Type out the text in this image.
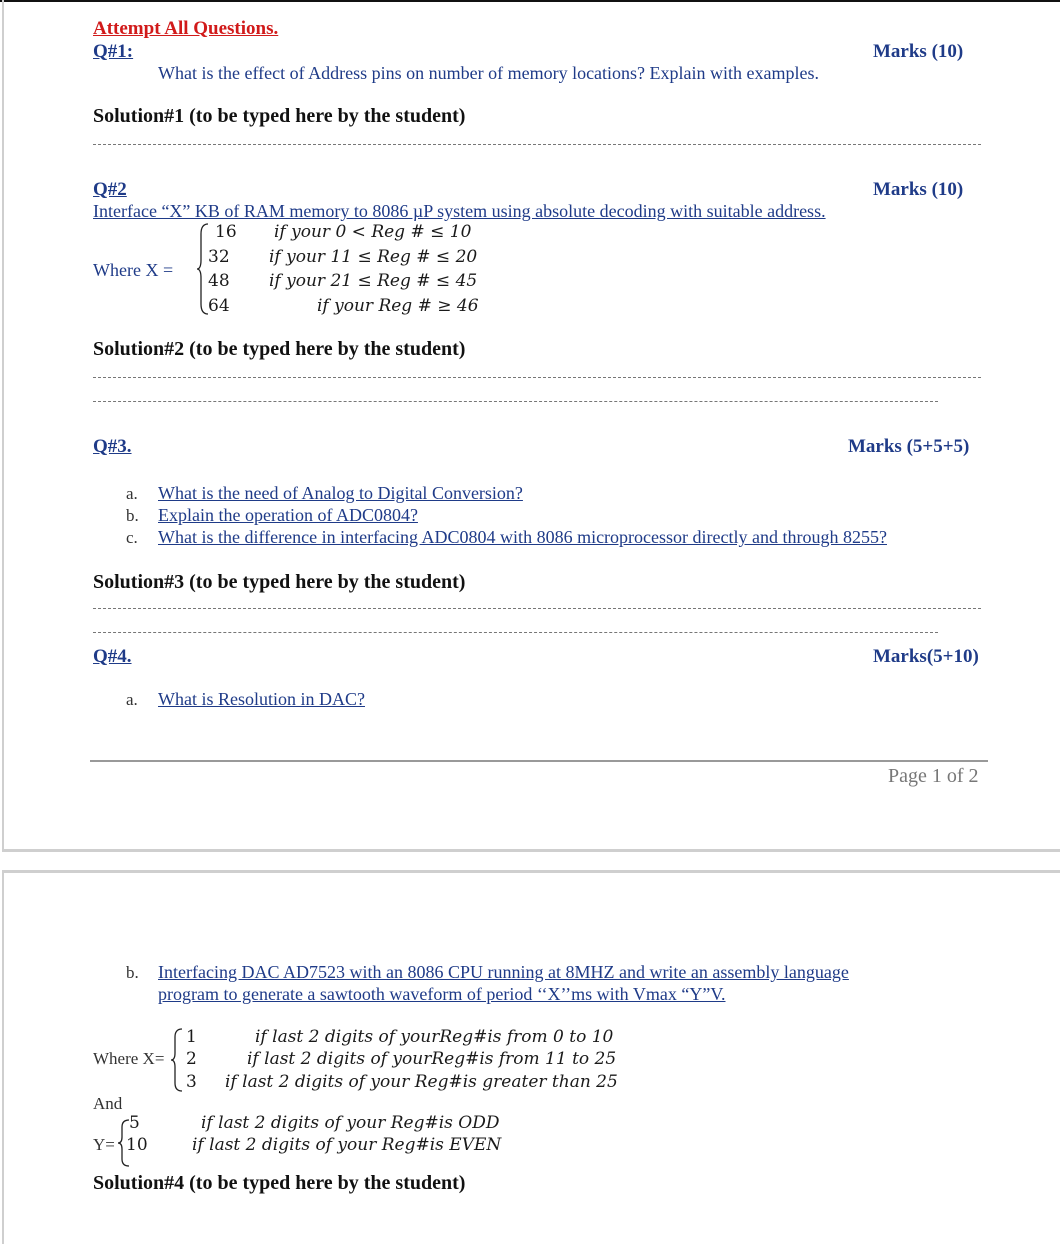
Attempt All Questions.
Q#1:	Marks (10)
What is the effect of Address pins on number of memory locations? Explain with examples.
Solution#1 (to be typed here by the student)
Q#2	Marks (10)
Interface “X” KB of RAM memory to 8086 µP system using absolute decoding with suitable address.
Where X =
16 if your 0 < Reg # ≤ 10
32 if your 11 ≤ Reg # ≤ 20
48 if your 21 ≤ Reg # ≤ 45
64	if your Reg # ≥ 46
Solution#2 (to be typed here by the student)
Q#3.	Marks (5+5+5)
a. What is the need of Analog to Digital Conversion?
b. Explain the operation of ADC0804?
c. What is the difference in interfacing ADC0804 with 8086 microprocessor directly and through 8255?
Solution#3 (to be typed here by the student)
Q#4.	Marks(5+10)
a. What is Resolution in DAC?
Page 1 of 2
b. Interfacing DAC AD7523 with an 8086 CPU running at 8MHZ and write an assembly language
program to generate a sawtooth waveform of period ‘‘X’’ms with Vmax “Y”V.
Where X=
1	if last 2 digits of yourReg#is from 0 to 10
2	if last 2 digits of yourReg#is from 11 to 25
3 if last 2 digits of your Reg#is greater than 25
And
Y=
5	if last 2 digits of your Reg#is ODD
10	if last 2 digits of your Reg#is EVEN
Solution#4 (to be typed here by the student)
